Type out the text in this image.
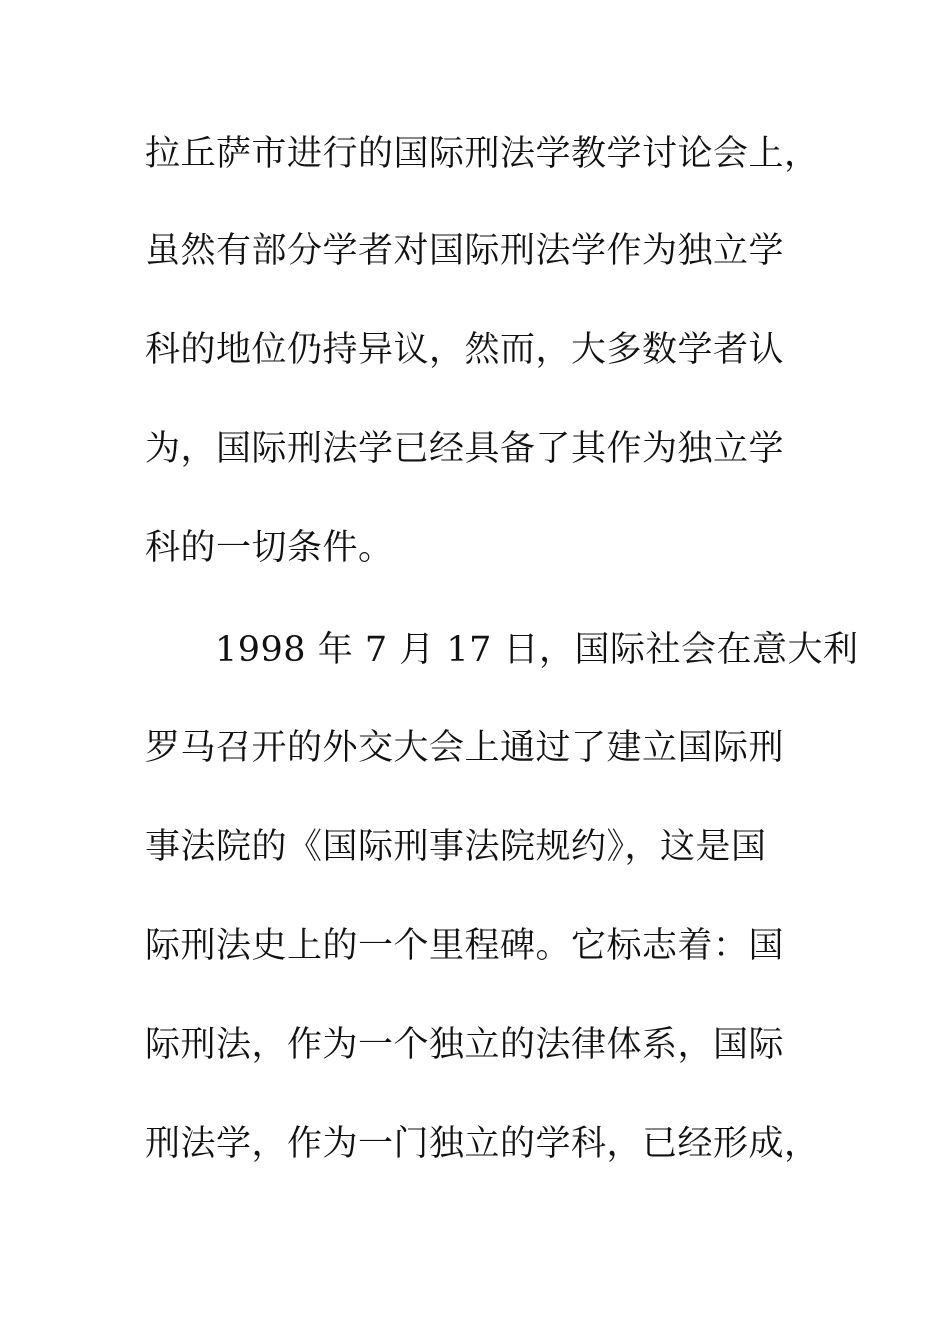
拉丘萨市进行的国际刑法学教学讨论会上，
虽然有部分学者对国际刑法学作为独立学
科的地位仍持异议，然而，大多数学者认
为，国际刑法学已经具备了其作为独立学
科的一切条件。
1998 年 7 月 17 日，国际社会在意大利
罗马召开的外交大会上通过了建立国际刑
事法院的《国际刑事法院规约》，这是国
际刑法史上的一个里程碑。它标志着：国
际刑法，作为一个独立的法律体系，国际
刑法学，作为一门独立的学科，已经形成，
